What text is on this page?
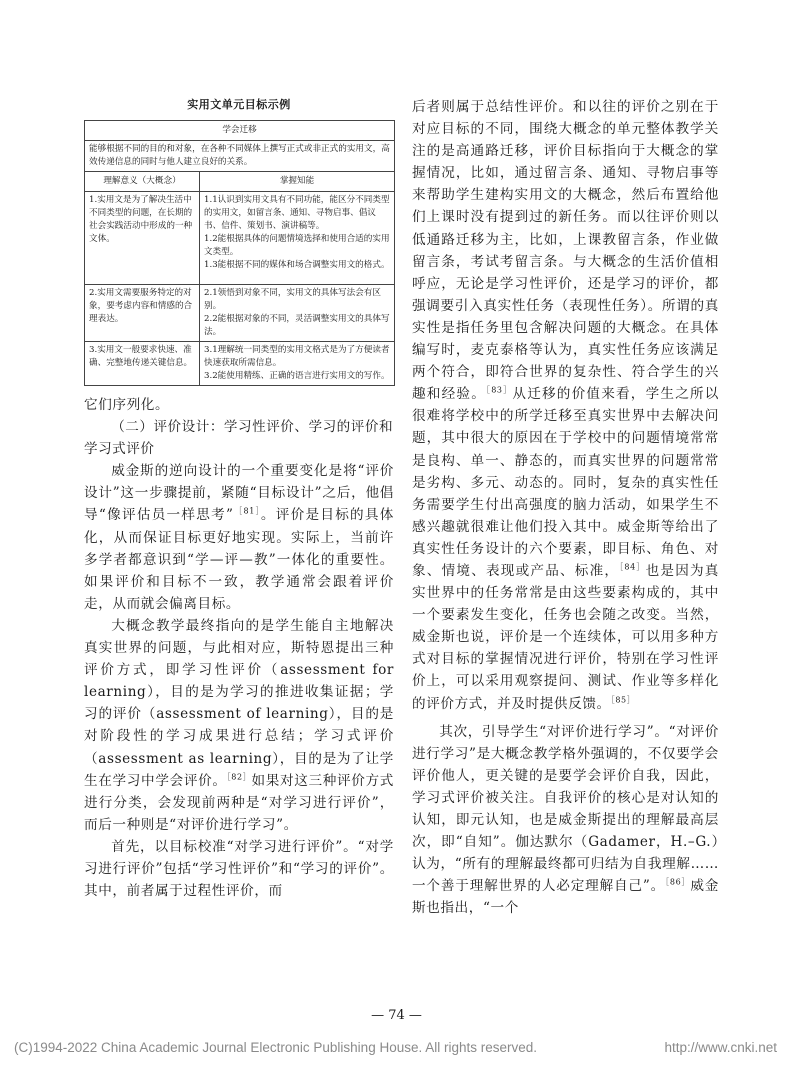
实用文单元目标示例
学会迁移	
能够根据不同的目的和对象，在各种不同媒体上撰写正式或非正式的实用文，高效传递信息的同时与他人建立良好的关系。	
理解意义（大概念）	掌握知能
1.实用文是为了解决生活中不同类型的问题，在长期的社会实践活动中形成的一种文体。	1.1认识到实用文具有不同功能，能区分不同类型的实用文，如留言条、通知、寻物启事、倡议书、信件、策划书、演讲稿等。

1.2能根据具体的问题情境选择和使用合适的实用文类型。

1.3能根据不同的媒体和场合调整实用文的格式。

2.实用文需要服务特定的对象，要考虑内容和情感的合理表达。	2.1领悟到对象不同，实用文的具体写法会有区别。

2.2能根据对象的不同，灵活调整实用文的具体写法。

3.实用文一般要求快速、准确、完整地传递关键信息。	3.1理解统一同类型的实用文格式是为了方便读者快速获取所需信息。

3.2能使用精练、正确的语言进行实用文的写作。

它们序列化。

（二）评价设计：学习性评价、学习的评价和学习式评价

威金斯的逆向设计的一个重要变化是将“评价设计”这一步骤提前，紧随“目标设计”之后，他倡导“像评估员一样思考”$^{[81]}$。评价是目标的具体化，从而保证目标更好地实现。实际上，当前许多学者都意识到“学—评—教”一体化的重要性。如果评价和目标不一致，教学通常会跟着评价走，从而就会偏离目标。

大概念教学最终指向的是学生能自主地解决真实世界的问题，与此相对应，斯特恩提出三种评价方式，即学习性评价（assessment for learning），目的是为学习的推进收集证据；学习的评价（assessment of learning），目的是对阶段性的学习成果进行总结；学习式评价（assessment as learning），目的是为了让学生在学习中学会评价。$^{[82]}$如果对这三种评价方式进行分类，会发现前两种是“对学习进行评价”，而后一种则是“对评价进行学习”。

首先，以目标校准“对学习进行评价”。“对学习进行评价”包括“学习性评价”和“学习的评价”。其中，前者属于过程性评价，而

后者则属于总结性评价。和以往的评价之别在于对应目标的不同，围绕大概念的单元整体教学关注的是高通路迁移，评价目标指向于大概念的掌握情况，比如，通过留言条、通知、寻物启事等来帮助学生建构实用文的大概念，然后布置给他们上课时没有提到过的新任务。而以往评价则以低通路迁移为主，比如，上课教留言条，作业做留言条，考试考留言条。与大概念的生活价值相呼应，无论是学习性评价，还是学习的评价，都强调要引入真实性任务（表现性任务）。所谓的真实性是指任务里包含解决问题的大概念。在具体编写时，麦克泰格等认为，真实性任务应该满足两个符合，即符合世界的复杂性、符合学生的兴趣和经验。$^{[83]}$从迁移的价值来看，学生之所以很难将学校中的所学迁移至真实世界中去解决问题，其中很大的原因在于学校中的问题情境常常是良构、单一、静态的，而真实世界的问题常常是劣构、多元、动态的。同时，复杂的真实性任务需要学生付出高强度的脑力活动，如果学生不感兴趣就很难让他们投入其中。威金斯等给出了真实性任务设计的六个要素，即目标、角色、对象、情境、表现或产品、标准，$^{[84]}$也是因为真实世界中的任务常常是由这些要素构成的，其中一个要素发生变化，任务也会随之改变。当然，威金斯也说，评价是一个连续体，可以用多种方式对目标的掌握情况进行评价，特别在学习性评价上，可以采用观察提问、测试、作业等多样化的评价方式，并及时提供反馈。$^{[85]}$

其次，引导学生“对评价进行学习”。“对评价进行学习”是大概念教学格外强调的，不仅要学会评价他人，更关键的是要学会评价自我，因此，学习式评价被关注。自我评价的核心是对认知的认知，即元认知，也是威金斯提出的理解最高层次，即“自知”。伽达默尔（Gadamer，H.–G.）认为，“所有的理解最终都可归结为自我理解……一个善于理解世界的人必定理解自己”。$^{[86]}$威金斯也指出，“一个

— 74 —
(C)1994-2022 China Academic Journal Electronic Publishing House. All rights reserved.	http://www.cnki.net
